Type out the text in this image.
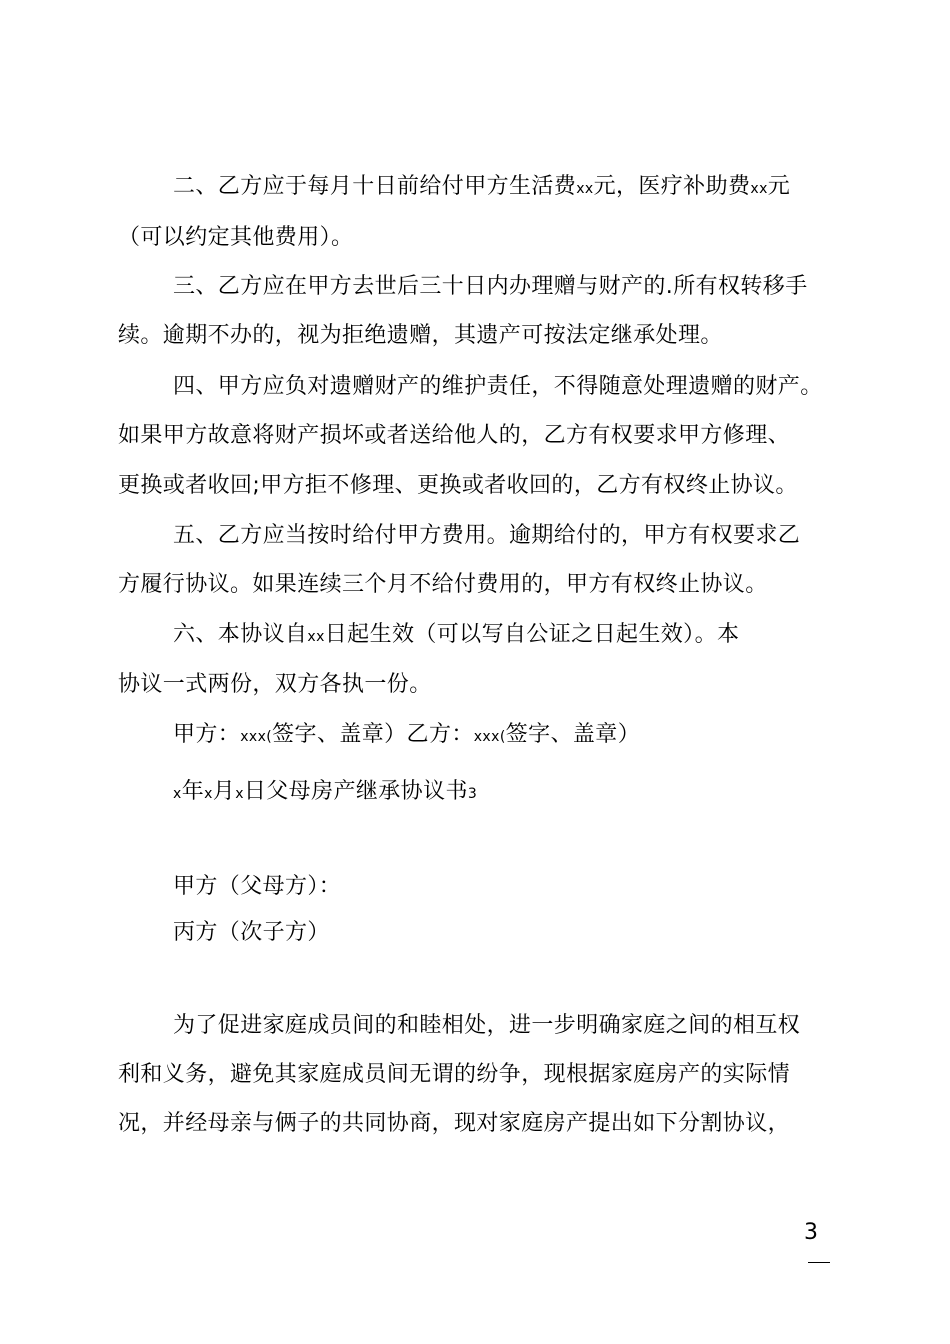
二、乙方应于每月十日前给付甲方生活费xx元，医疗补助费xx元
（可以约定其他费用）。
三、乙方应在甲方去世后三十日内办理赠与财产的.所有权转移手
续。逾期不办的，视为拒绝遗赠，其遗产可按法定继承处理。
四、甲方应负对遗赠财产的维护责任，不得随意处理遗赠的财产。
如果甲方故意将财产损坏或者送给他人的，乙方有权要求甲方修理、
更换或者收回;甲方拒不修理、更换或者收回的，乙方有权终止协议。
五、乙方应当按时给付甲方费用。逾期给付的，甲方有权要求乙
方履行协议。如果连续三个月不给付费用的，甲方有权终止协议。
六、本协议自xx日起生效（可以写自公证之日起生效）。本
协议一式两份，双方各执一份。
甲方：xxx(签字、盖章）乙方：xxx(签字、盖章）
x年x月x日父母房产继承协议书3
甲方（父母方）：
丙方（次子方）
为了促进家庭成员间的和睦相处，进一步明确家庭之间的相互权
利和义务，避免其家庭成员间无谓的纷争，现根据家庭房产的实际情
况，并经母亲与俩子的共同协商，现对家庭房产提出如下分割协议，
3
